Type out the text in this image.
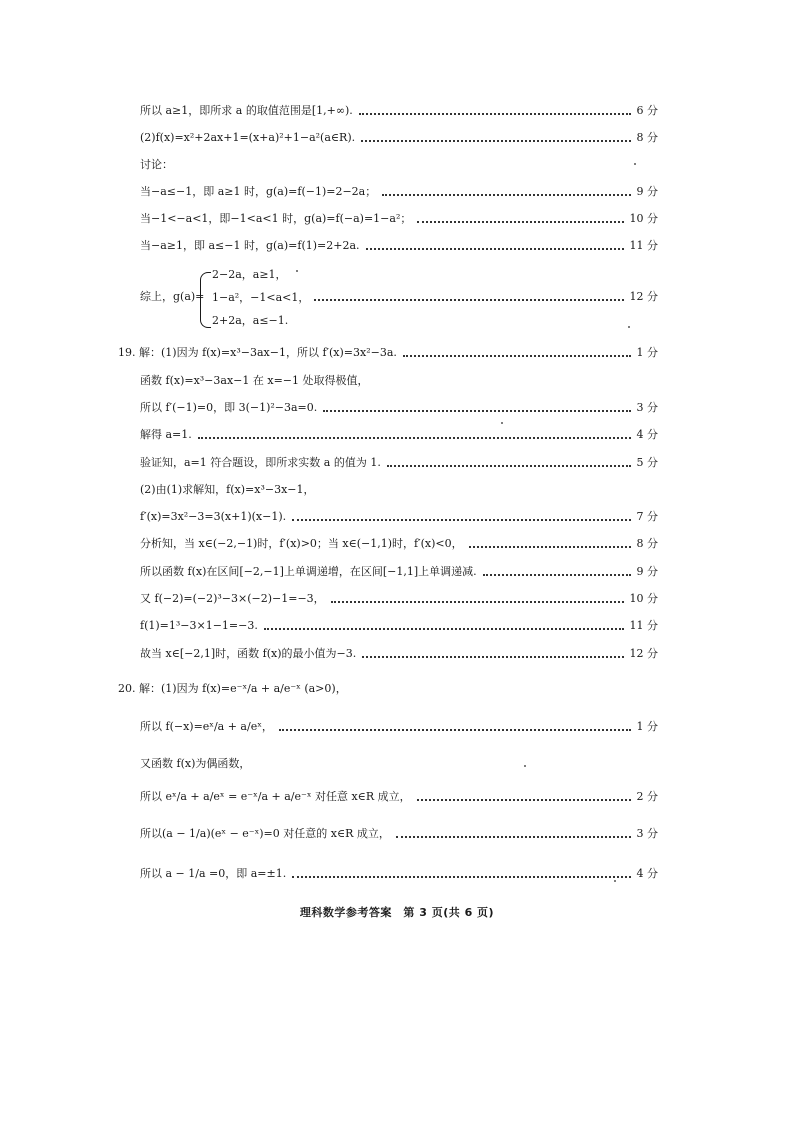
所以 a≥1，即所求 a 的取值范围是[1,+∞).	6 分
(2)f(x)=x²+2ax+1=(x+a)²+1−a²(a∈R).	8 分
讨论：
当−a≤−1，即 a≥1 时，g(a)=f(−1)=2−2a；	9 分
当−1<−a<1，即−1<a<1 时，g(a)=f(−a)=1−a²；	10 分
当−a≥1，即 a≤−1 时，g(a)=f(1)=2+2a.	11 分
综上，g(a)=
2−2a，a≥1，
1−a²，−1<a<1，
2+2a，a≤−1.
12 分
19. 解：(1)因为 f(x)=x³−3ax−1，所以 f′(x)=3x²−3a.	1 分
函数 f(x)=x³−3ax−1 在 x=−1 处取得极值，
所以 f′(−1)=0，即 3(−1)²−3a=0.	3 分
解得 a=1.	4 分
验证知，a=1 符合题设，即所求实数 a 的值为 1.	5 分
(2)由(1)求解知，f(x)=x³−3x−1，
f′(x)=3x²−3=3(x+1)(x−1).	7 分
分析知，当 x∈(−2,−1)时，f′(x)>0；当 x∈(−1,1)时，f′(x)<0，	8 分
所以函数 f(x)在区间[−2,−1]上单调递增，在区间[−1,1]上单调递减.	9 分
又 f(−2)=(−2)³−3×(−2)−1=−3，	10 分
f(1)=1³−3×1−1=−3.	11 分
故当 x∈[−2,1]时，函数 f(x)的最小值为−3.	12 分
20. 解：(1)因为 f(x)=e⁻ˣ/a + a/e⁻ˣ (a>0)，
所以 f(−x)=eˣ/a + a/eˣ，	1 分
又函数 f(x)为偶函数，
所以 eˣ/a + a/eˣ = e⁻ˣ/a + a/e⁻ˣ 对任意 x∈R 成立，	2 分
所以(a − 1/a)(eˣ − e⁻ˣ)=0 对任意的 x∈R 成立，	3 分
所以 a − 1/a =0，即 a=±1.	4 分
理科数学参考答案　第 3 页(共 6 页)
